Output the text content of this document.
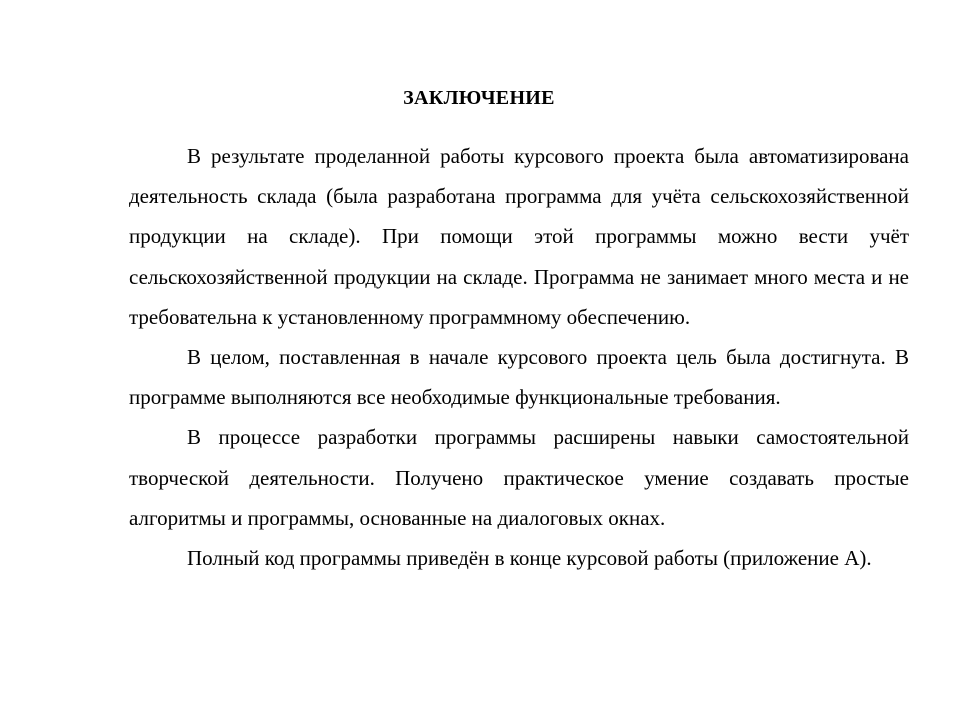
ЗАКЛЮЧЕНИЕ

В результате проделанной работы курсового проекта была автоматизирована деятельность склада (была разработана программа для учёта сельскохозяйственной продукции на складе). При помощи этой программы можно вести учёт сельскохозяйственной продукции на складе. Программа не занимает много места и не требовательна к установленному программному обеспечению.

В целом, поставленная в начале курсового проекта цель была достигнута. В программе выполняются все необходимые функциональные требования.

В процессе разработки программы расширены навыки самостоятельной творческой деятельности. Получено практическое умение создавать простые алгоритмы и программы, основанные на диалоговых окнах.

Полный код программы приведён в конце курсовой работы (приложение А).
